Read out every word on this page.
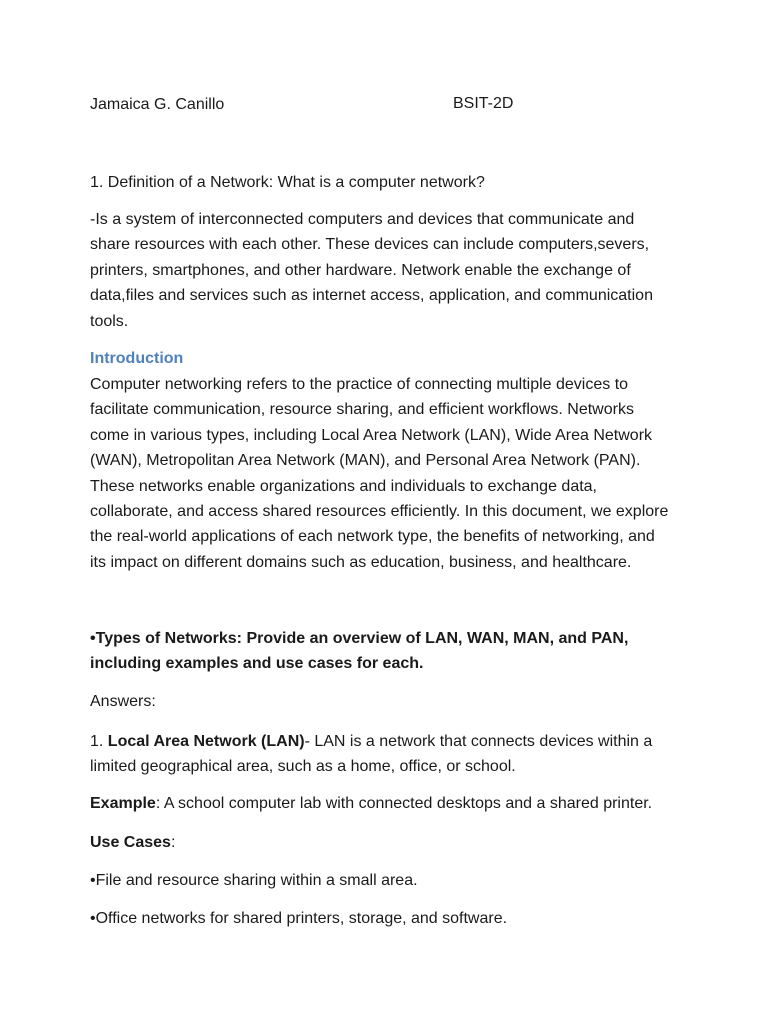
Jamaica G. Canillo	BSIT-2D
1. Definition of a Network: What is a computer network?
-Is a system of interconnected computers and devices that communicate and
share resources with each other. These devices can include computers,severs,
printers, smartphones, and other hardware. Network enable the exchange of
data,files and services such as internet access, application, and communication
tools.
Introduction
Computer networking refers to the practice of connecting multiple devices to
facilitate communication, resource sharing, and efficient workflows. Networks
come in various types, including Local Area Network (LAN), Wide Area Network
(WAN), Metropolitan Area Network (MAN), and Personal Area Network (PAN).
These networks enable organizations and individuals to exchange data,
collaborate, and access shared resources efficiently. In this document, we explore
the real-world applications of each network type, the benefits of networking, and
its impact on different domains such as education, business, and healthcare.
•Types of Networks: Provide an overview of LAN, WAN, MAN, and PAN,
including examples and use cases for each.
Answers:
1. Local Area Network (LAN)- LAN is a network that connects devices within a
limited geographical area, such as a home, office, or school.
Example: A school computer lab with connected desktops and a shared printer.
Use Cases:
•File and resource sharing within a small area.
•Office networks for shared printers, storage, and software.
